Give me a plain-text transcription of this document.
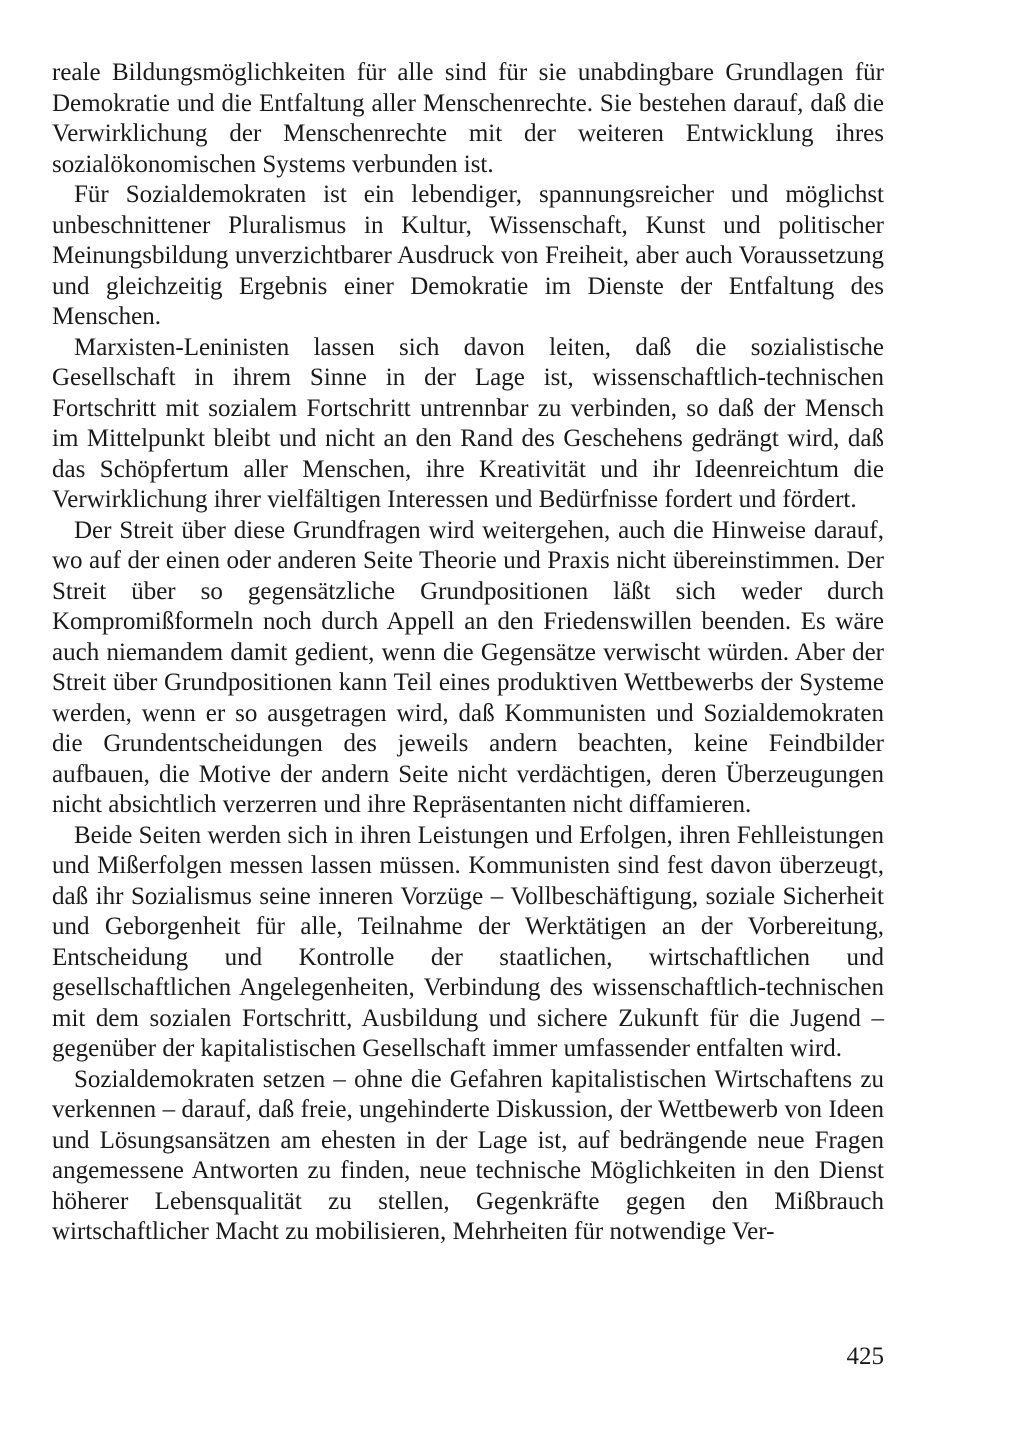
reale Bildungsmöglichkeiten für alle sind für sie unabdingbare Grundlagen für Demokratie und die Entfaltung aller Menschenrechte. Sie bestehen darauf, daß die Verwirklichung der Menschenrechte mit der weiteren Entwicklung ihres sozialökonomischen Systems verbunden ist.

Für Sozialdemokraten ist ein lebendiger, spannungsreicher und möglichst unbeschnittener Pluralismus in Kultur, Wissenschaft, Kunst und politischer Meinungsbildung unverzichtbarer Ausdruck von Freiheit, aber auch Voraussetzung und gleichzeitig Ergebnis einer Demokratie im Dienste der Entfaltung des Menschen.

Marxisten-Leninisten lassen sich davon leiten, daß die sozialistische Gesellschaft in ihrem Sinne in der Lage ist, wissenschaftlich-technischen Fortschritt mit sozialem Fortschritt untrennbar zu verbinden, so daß der Mensch im Mittelpunkt bleibt und nicht an den Rand des Geschehens gedrängt wird, daß das Schöpfertum aller Menschen, ihre Kreativität und ihr Ideenreichtum die Verwirklichung ihrer vielfältigen Interessen und Bedürfnisse fordert und fördert.

Der Streit über diese Grundfragen wird weitergehen, auch die Hinweise darauf, wo auf der einen oder anderen Seite Theorie und Praxis nicht übereinstimmen. Der Streit über so gegensätzliche Grundpositionen läßt sich weder durch Kompromißformeln noch durch Appell an den Friedenswillen beenden. Es wäre auch niemandem damit gedient, wenn die Gegensätze verwischt würden. Aber der Streit über Grundpositionen kann Teil eines produktiven Wettbewerbs der Systeme werden, wenn er so ausgetragen wird, daß Kommunisten und Sozialdemokraten die Grundentscheidungen des jeweils andern beachten, keine Feindbilder aufbauen, die Motive der andern Seite nicht verdächtigen, deren Überzeugungen nicht absichtlich verzerren und ihre Repräsentanten nicht diffamieren.

Beide Seiten werden sich in ihren Leistungen und Erfolgen, ihren Fehlleistungen und Mißerfolgen messen lassen müssen. Kommunisten sind fest davon überzeugt, daß ihr Sozialismus seine inneren Vorzüge – Vollbeschäftigung, soziale Sicherheit und Geborgenheit für alle, Teilnahme der Werktätigen an der Vorbereitung, Entscheidung und Kontrolle der staatlichen, wirtschaftlichen und gesellschaftlichen Angelegenheiten, Verbindung des wissenschaftlich-technischen mit dem sozialen Fortschritt, Ausbildung und sichere Zukunft für die Jugend – gegenüber der kapitalistischen Gesellschaft immer umfassender entfalten wird.

Sozialdemokraten setzen – ohne die Gefahren kapitalistischen Wirtschaftens zu verkennen – darauf, daß freie, ungehinderte Diskussion, der Wettbewerb von Ideen und Lösungsansätzen am ehesten in der Lage ist, auf bedrängende neue Fragen angemessene Antworten zu finden, neue technische Möglichkeiten in den Dienst höherer Lebensqualität zu stellen, Gegenkräfte gegen den Mißbrauch wirtschaftlicher Macht zu mobilisieren, Mehrheiten für notwendige Ver-

425
